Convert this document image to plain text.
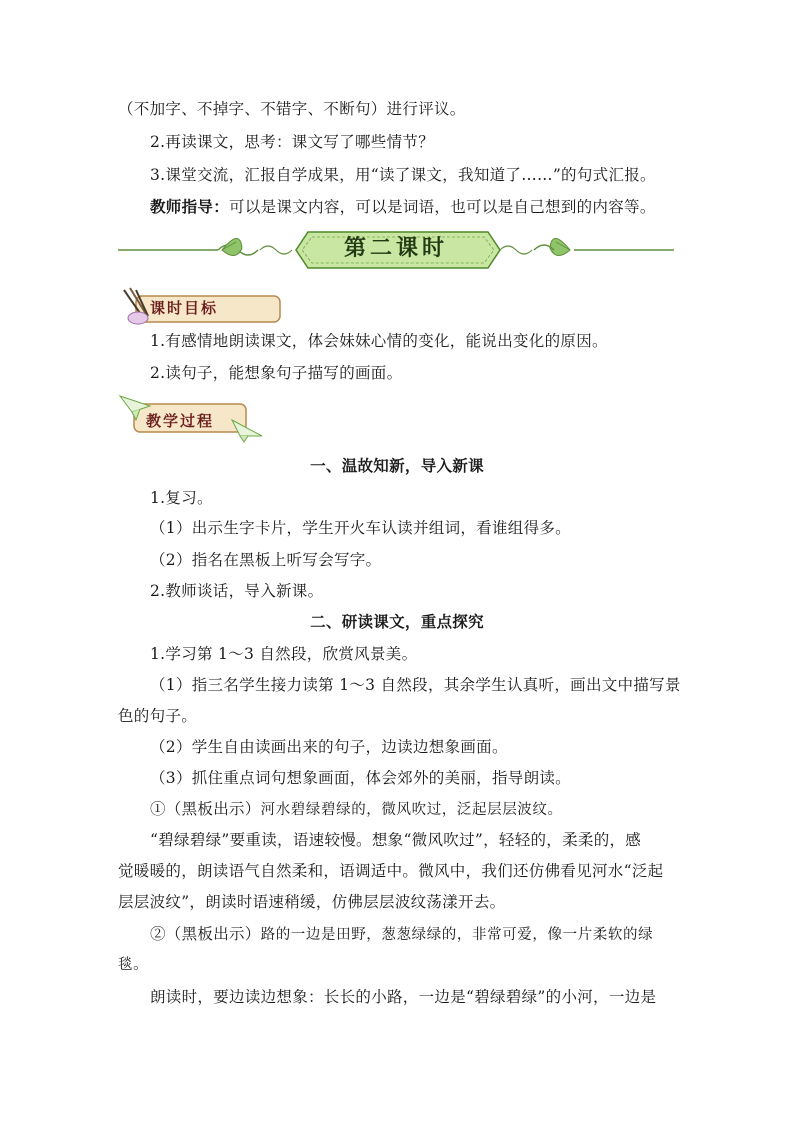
（不加字、不掉字、不错字、不断句）进行评议。
2.再读课文，思考：课文写了哪些情节？
3.课堂交流，汇报自学成果，用“读了课文，我知道了……”的句式汇报。
教师指导：可以是课文内容，可以是词语，也可以是自己想到的内容等。
第二课时
课时目标
1.有感情地朗读课文，体会妹妹心情的变化，能说出变化的原因。
2.读句子，能想象句子描写的画面。
教学过程
一、温故知新，导入新课
1.复习。
（1）出示生字卡片，学生开火车认读并组词，看谁组得多。
（2）指名在黑板上听写会写字。
2.教师谈话，导入新课。
二、研读课文，重点探究
1.学习第 1～3 自然段，欣赏风景美。
（1）指三名学生接力读第 1～3 自然段，其余学生认真听，画出文中描写景
色的句子。
（2）学生自由读画出来的句子，边读边想象画面。
（3）抓住重点词句想象画面，体会郊外的美丽，指导朗读。
①（黑板出示）河水碧绿碧绿的，微风吹过，泛起层层波纹。
“碧绿碧绿”要重读，语速较慢。想象“微风吹过”，轻轻的，柔柔的，感
觉暖暖的，朗读语气自然柔和，语调适中。微风中，我们还仿佛看见河水“泛起
层层波纹”，朗读时语速稍缓，仿佛层层波纹荡漾开去。
②（黑板出示）路的一边是田野，葱葱绿绿的，非常可爱，像一片柔软的绿
毯。
朗读时，要边读边想象：长长的小路，一边是“碧绿碧绿”的小河，一边是
